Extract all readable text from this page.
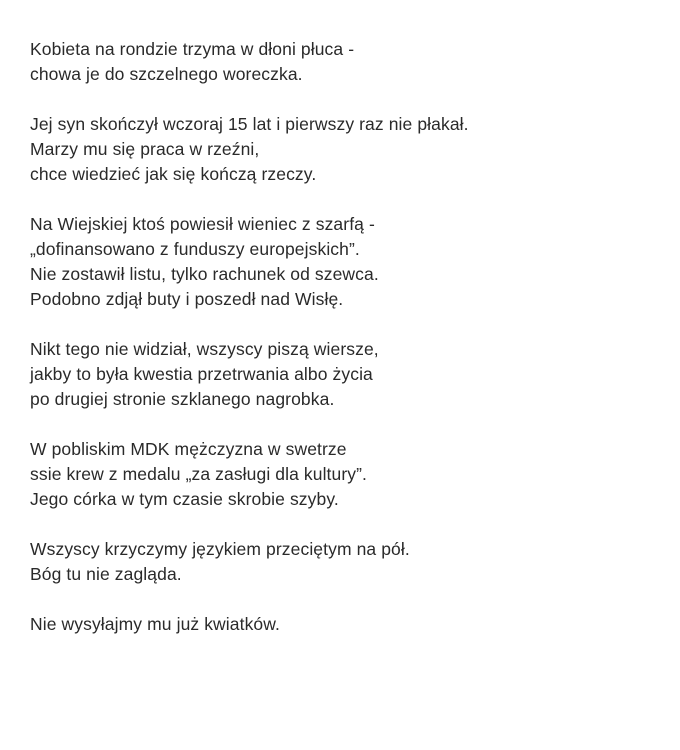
Kobieta na rondzie trzyma w dłoni płuca -
chowa je do szczelnego woreczka.
Jej syn skończył wczoraj 15 lat i pierwszy raz nie płakał.
Marzy mu się praca w rzeźni,
chce wiedzieć jak się kończą rzeczy.
Na Wiejskiej ktoś powiesił wieniec z szarfą -
„dofinansowano z funduszy europejskich”.
Nie zostawił listu, tylko rachunek od szewca.
Podobno zdjął buty i poszedł nad Wisłę.
Nikt tego nie widział, wszyscy piszą wiersze,
jakby to była kwestia przetrwania albo życia
po drugiej stronie szklanego nagrobka.
W pobliskim MDK mężczyzna w swetrze
ssie krew z medalu „za zasługi dla kultury”.
Jego córka w tym czasie skrobie szyby.
Wszyscy krzyczymy językiem przeciętym na pół.
Bóg tu nie zagląda.
Nie wysyłajmy mu już kwiatków.
